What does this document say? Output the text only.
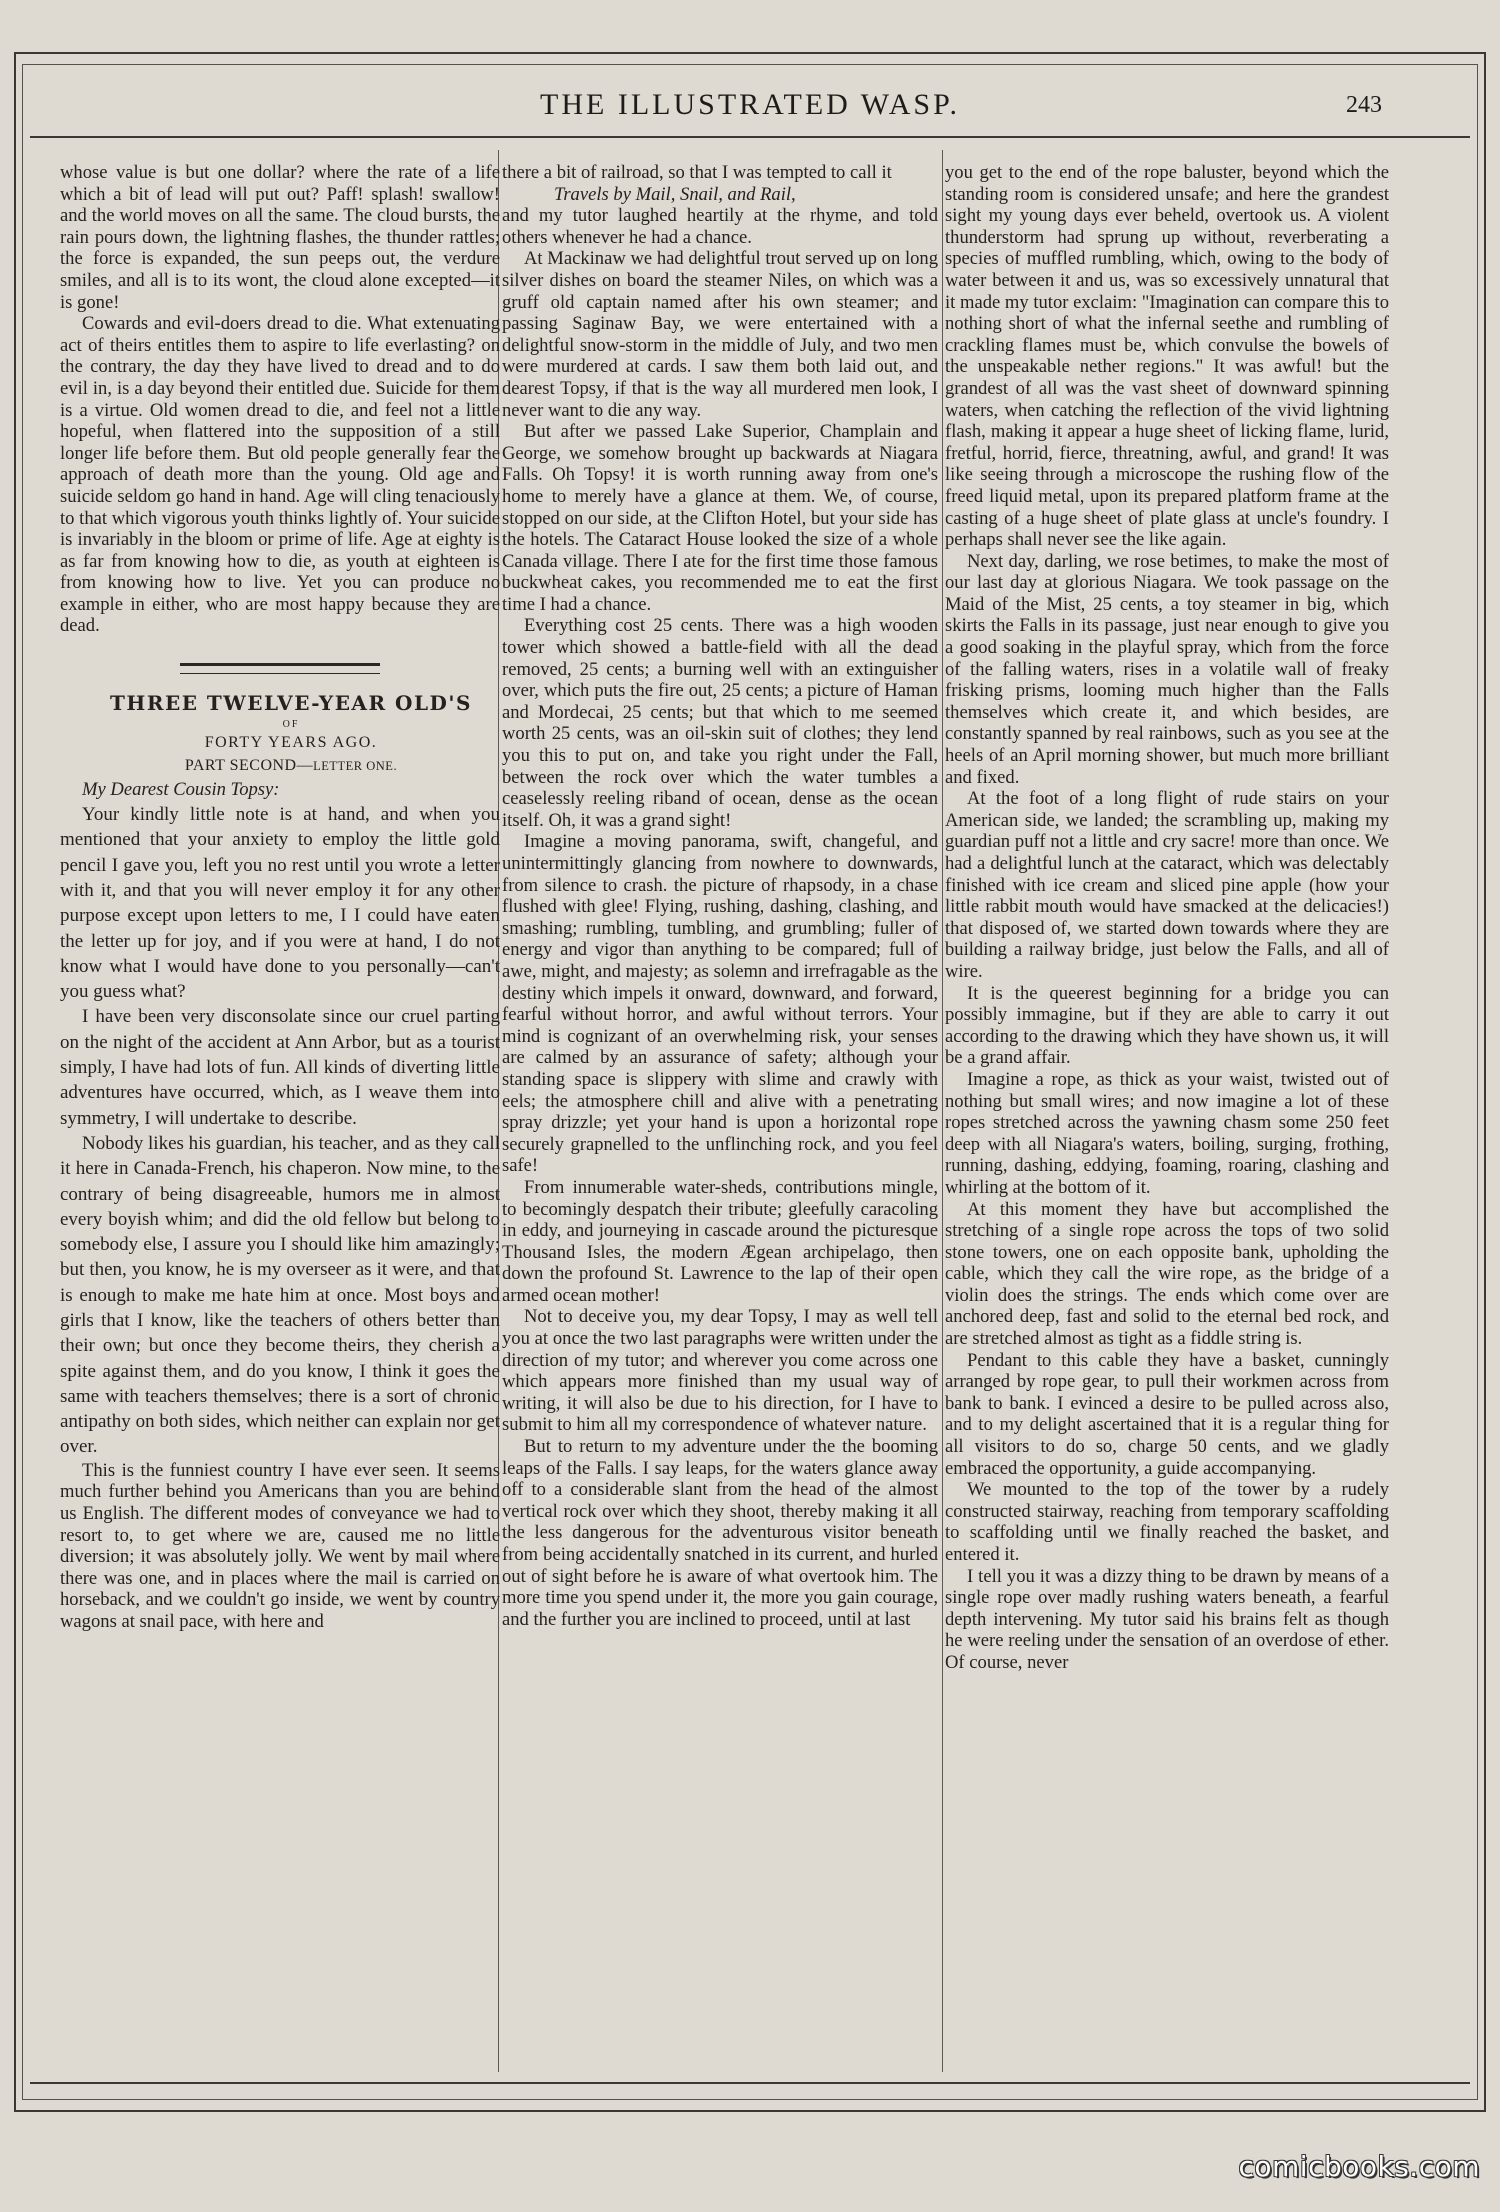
THE ILLUSTRATED WASP.	243

whose value is but one dollar? where the rate of a life which a bit of lead will put out? Paff! splash! swallow! and the world moves on all the same. The cloud bursts, the rain pours down, the lightning flashes, the thunder rattles; the force is expanded, the sun peeps out, the verdure smiles, and all is to its wont, the cloud alone excepted—it is gone!

Cowards and evil-doers dread to die. What extenuating act of theirs entitles them to aspire to life everlasting? on the contrary, the day they have lived to dread and to do evil in, is a day beyond their entitled due. Suicide for them is a virtue. Old women dread to die, and feel not a little hopeful, when flattered into the supposition of a still longer life before them. But old people generally fear the approach of death more than the young. Old age and suicide seldom go hand in hand. Age will cling tenaciously to that which vigorous youth thinks lightly of. Your suicide is invariably in the bloom or prime of life. Age at eighty is as far from knowing how to die, as youth at eighteen is from knowing how to live. Yet you can produce no example in either, who are most happy because they are dead.

THREE TWELVE-YEAR OLD'S

OF

FORTY YEARS AGO.

PART SECOND—LETTER ONE.

My Dearest Cousin Topsy:

Your kindly little note is at hand, and when you mentioned that your anxiety to employ the little gold pencil I gave you, left you no rest until you wrote a letter with it, and that you will never employ it for any other purpose except upon letters to me, I I could have eaten the letter up for joy, and if you were at hand, I do not know what I would have done to you personally—can't you guess what?

I have been very disconsolate since our cruel parting on the night of the accident at Ann Arbor, but as a tourist simply, I have had lots of fun. All kinds of diverting little adventures have occurred, which, as I weave them into symmetry, I will undertake to describe.

Nobody likes his guardian, his teacher, and as they call it here in Canada-French, his chaperon. Now mine, to the contrary of being disagreeable, humors me in almost every boyish whim; and did the old fellow but belong to somebody else, I assure you I should like him amazingly; but then, you know, he is my overseer as it were, and that is enough to make me hate him at once. Most boys and girls that I know, like the teachers of others better than their own; but once they become theirs, they cherish a spite against them, and do you know, I think it goes the same with teachers themselves; there is a sort of chronic antipathy on both sides, which neither can explain nor get over.

This is the funniest country I have ever seen. It seems much further behind you Americans than you are behind us English. The different modes of conveyance we had to resort to, to get where we are, caused me no little diversion; it was absolutely jolly. We went by mail where there was one, and in places where the mail is carried on horseback, and we couldn't go inside, we went by country wagons at snail pace, with here and

there a bit of railroad, so that I was tempted to call it

Travels by Mail, Snail, and Rail,

and my tutor laughed heartily at the rhyme, and told others whenever he had a chance.

At Mackinaw we had delightful trout served up on long silver dishes on board the steamer Niles, on which was a gruff old captain named after his own steamer; and passing Saginaw Bay, we were entertained with a delightful snow-storm in the middle of July, and two men were murdered at cards. I saw them both laid out, and dearest Topsy, if that is the way all murdered men look, I never want to die any way.

But after we passed Lake Superior, Champlain and George, we somehow brought up backwards at Niagara Falls. Oh Topsy! it is worth running away from one's home to merely have a glance at them. We, of course, stopped on our side, at the Clifton Hotel, but your side has the hotels. The Cataract House looked the size of a whole Canada village. There I ate for the first time those famous buckwheat cakes, you recommended me to eat the first time I had a chance.

Everything cost 25 cents. There was a high wooden tower which showed a battle-field with all the dead removed, 25 cents; a burning well with an extinguisher over, which puts the fire out, 25 cents; a picture of Haman and Mordecai, 25 cents; but that which to me seemed worth 25 cents, was an oil-skin suit of clothes; they lend you this to put on, and take you right under the Fall, between the rock over which the water tumbles a ceaselessly reeling riband of ocean, dense as the ocean itself. Oh, it was a grand sight!

Imagine a moving panorama, swift, changeful, and unintermittingly glancing from nowhere to downwards, from silence to crash. the picture of rhapsody, in a chase flushed with glee! Flying, rushing, dashing, clashing, and smashing; rumbling, tumbling, and grumbling; fuller of energy and vigor than anything to be compared; full of awe, might, and majesty; as solemn and irrefragable as the destiny which impels it onward, downward, and forward, fearful without horror, and awful without terrors. Your mind is cognizant of an overwhelming risk, your senses are calmed by an assurance of safety; although your standing space is slippery with slime and crawly with eels; the atmosphere chill and alive with a penetrating spray drizzle; yet your hand is upon a horizontal rope securely grapnelled to the unflinching rock, and you feel safe!

From innumerable water-sheds, contributions mingle, to becomingly despatch their tribute; gleefully caracoling in eddy, and journeying in cascade around the picturesque Thousand Isles, the modern Ægean archipelago, then down the profound St. Lawrence to the lap of their open armed ocean mother!

Not to deceive you, my dear Topsy, I may as well tell you at once the two last paragraphs were written under the direction of my tutor; and wherever you come across one which appears more finished than my usual way of writing, it will also be due to his direction, for I have to submit to him all my correspondence of whatever nature.

But to return to my adventure under the the booming leaps of the Falls. I say leaps, for the waters glance away off to a considerable slant from the head of the almost vertical rock over which they shoot, thereby making it all the less dangerous for the adventurous visitor beneath from being accidentally snatched in its current, and hurled out of sight before he is aware of what overtook him. The more time you spend under it, the more you gain courage, and the further you are inclined to proceed, until at last

you get to the end of the rope baluster, beyond which the standing room is considered unsafe; and here the grandest sight my young days ever beheld, overtook us. A violent thunderstorm had sprung up without, reverberating a species of muffled rumbling, which, owing to the body of water between it and us, was so excessively unnatural that it made my tutor exclaim: "Imagination can compare this to nothing short of what the infernal seethe and rumbling of crackling flames must be, which convulse the bowels of the unspeakable nether regions." It was awful! but the grandest of all was the vast sheet of downward spinning waters, when catching the reflection of the vivid lightning flash, making it appear a huge sheet of licking flame, lurid, fretful, horrid, fierce, threatning, awful, and grand! It was like seeing through a microscope the rushing flow of the freed liquid metal, upon its prepared platform frame at the casting of a huge sheet of plate glass at uncle's foundry. I perhaps shall never see the like again.

Next day, darling, we rose betimes, to make the most of our last day at glorious Niagara. We took passage on the Maid of the Mist, 25 cents, a toy steamer in big, which skirts the Falls in its passage, just near enough to give you a good soaking in the playful spray, which from the force of the falling waters, rises in a volatile wall of freaky frisking prisms, looming much higher than the Falls themselves which create it, and which besides, are constantly spanned by real rainbows, such as you see at the heels of an April morning shower, but much more brilliant and fixed.

At the foot of a long flight of rude stairs on your American side, we landed; the scrambling up, making my guardian puff not a little and cry sacre! more than once. We had a delightful lunch at the cataract, which was delectably finished with ice cream and sliced pine apple (how your little rabbit mouth would have smacked at the delicacies!) that disposed of, we started down towards where they are building a railway bridge, just below the Falls, and all of wire.

It is the queerest beginning for a bridge you can possibly immagine, but if they are able to carry it out according to the drawing which they have shown us, it will be a grand affair.

Imagine a rope, as thick as your waist, twisted out of nothing but small wires; and now imagine a lot of these ropes stretched across the yawning chasm some 250 feet deep with all Niagara's waters, boiling, surging, frothing, running, dashing, eddying, foaming, roaring, clashing and whirling at the bottom of it.

At this moment they have but accomplished the stretching of a single rope across the tops of two solid stone towers, one on each opposite bank, upholding the cable, which they call the wire rope, as the bridge of a violin does the strings. The ends which come over are anchored deep, fast and solid to the eternal bed rock, and are stretched almost as tight as a fiddle string is.

Pendant to this cable they have a basket, cunningly arranged by rope gear, to pull their workmen across from bank to bank. I evinced a desire to be pulled across also, and to my delight ascertained that it is a regular thing for all visitors to do so, charge 50 cents, and we gladly embraced the opportunity, a guide accompanying.

We mounted to the top of the tower by a rudely constructed stairway, reaching from temporary scaffolding to scaffolding until we finally reached the basket, and entered it.

I tell you it was a dizzy thing to be drawn by means of a single rope over madly rushing waters beneath, a fearful depth intervening. My tutor said his brains felt as though he were reeling under the sensation of an overdose of ether. Of course, never

comicbooks.com
